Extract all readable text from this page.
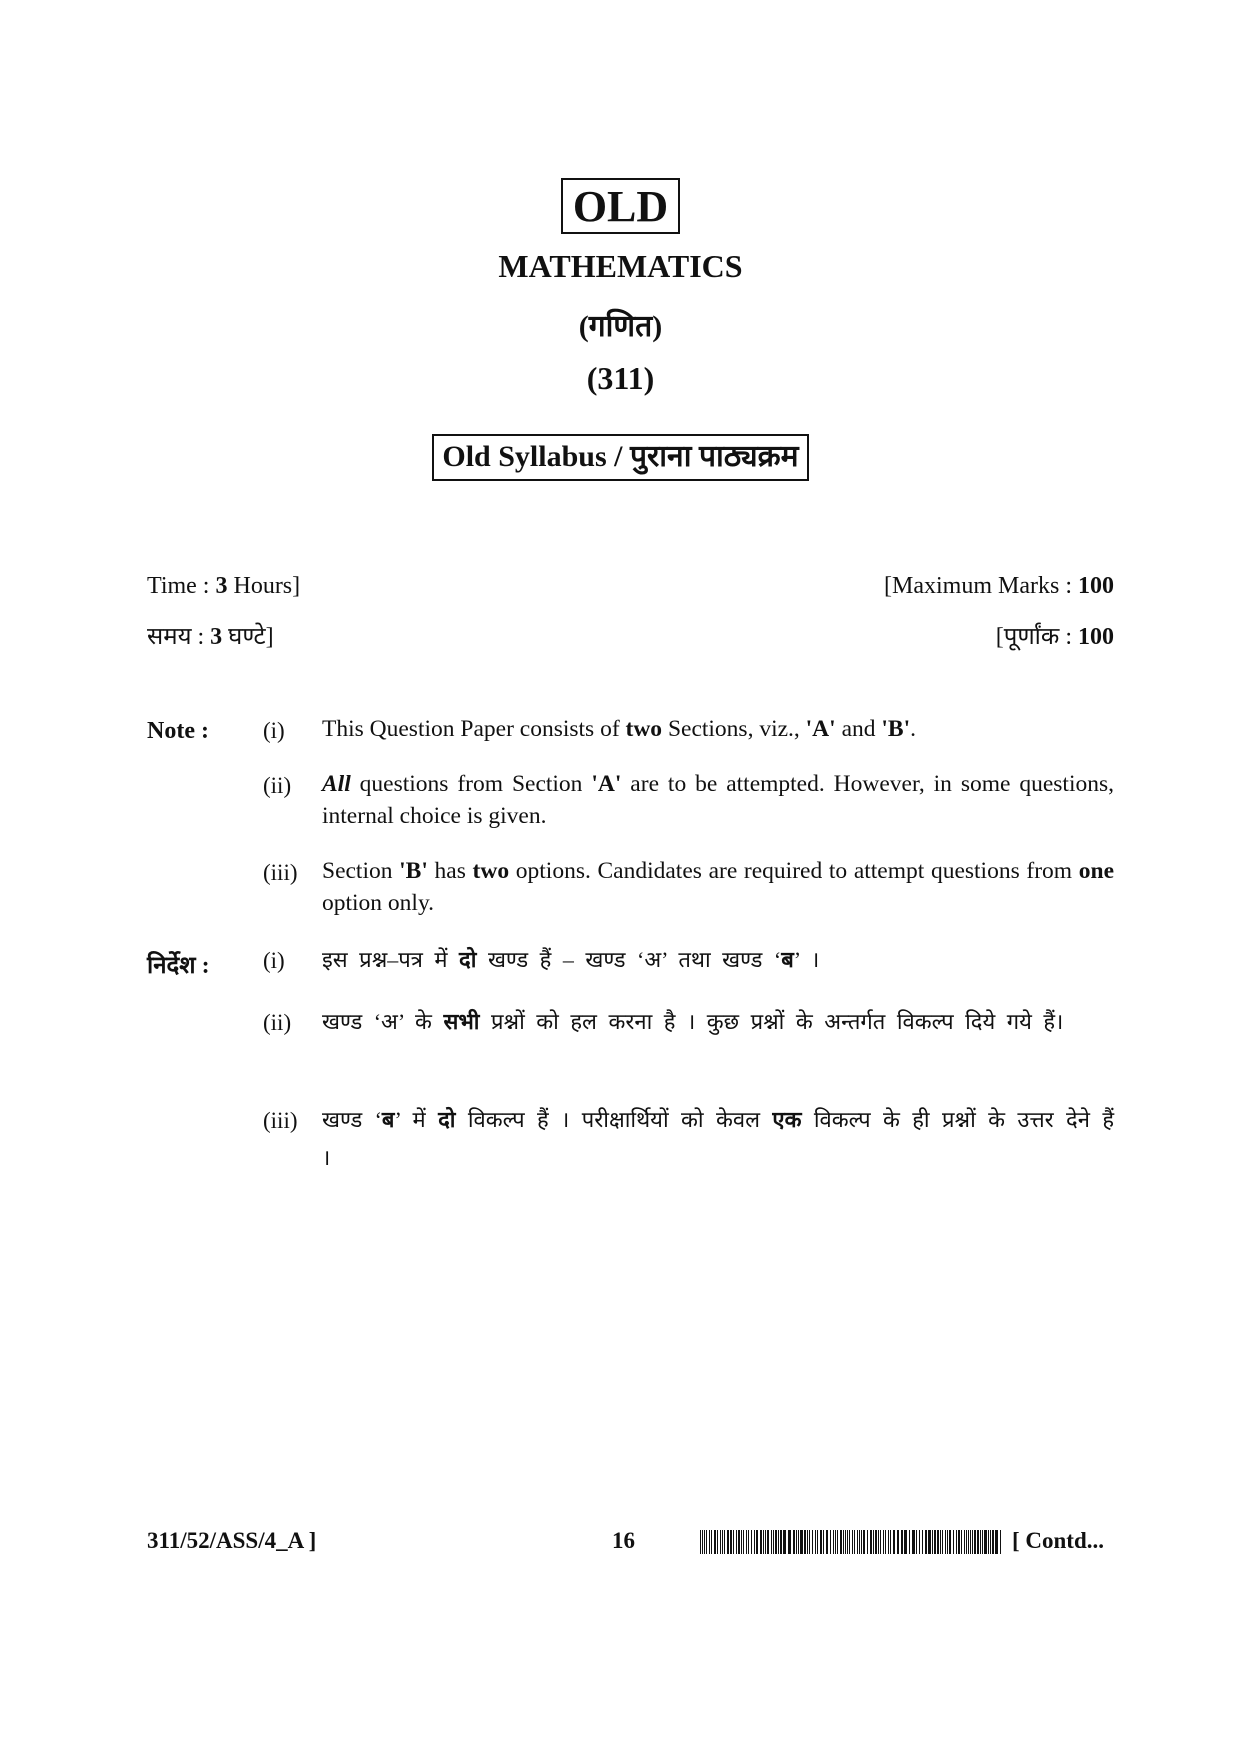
OLD
MATHEMATICS
(गणित)
(311)
Old Syllabus / पुराना पाठ्यक्रम
Time : 3 Hours]
समय : 3 घण्टे]
[Maximum Marks : 100
[पूर्णांक : 100
Note : (i) This Question Paper consists of two Sections, viz., 'A' and 'B'.
(ii) All questions from Section 'A' are to be attempted. However, in some questions, internal choice is given.
(iii) Section 'B' has two options. Candidates are required to attempt questions from one option only.
निर्देश : (i) इस प्रश्न–पत्र में दो खण्ड हैं – खण्ड ‘अ’ तथा खण्ड ‘ब’ ।
(ii) खण्ड ‘अ’ के सभी प्रश्नों को हल करना है । कुछ प्रश्नों के अन्तर्गत विकल्प दिये गये हैं।
(iii) खण्ड ‘ब’ में दो विकल्प हैं । परीक्षार्थियों को केवल एक विकल्प के ही प्रश्नों के उत्तर देने हैं ।
311/52/ASS/4_A ]	16	[ Contd...
